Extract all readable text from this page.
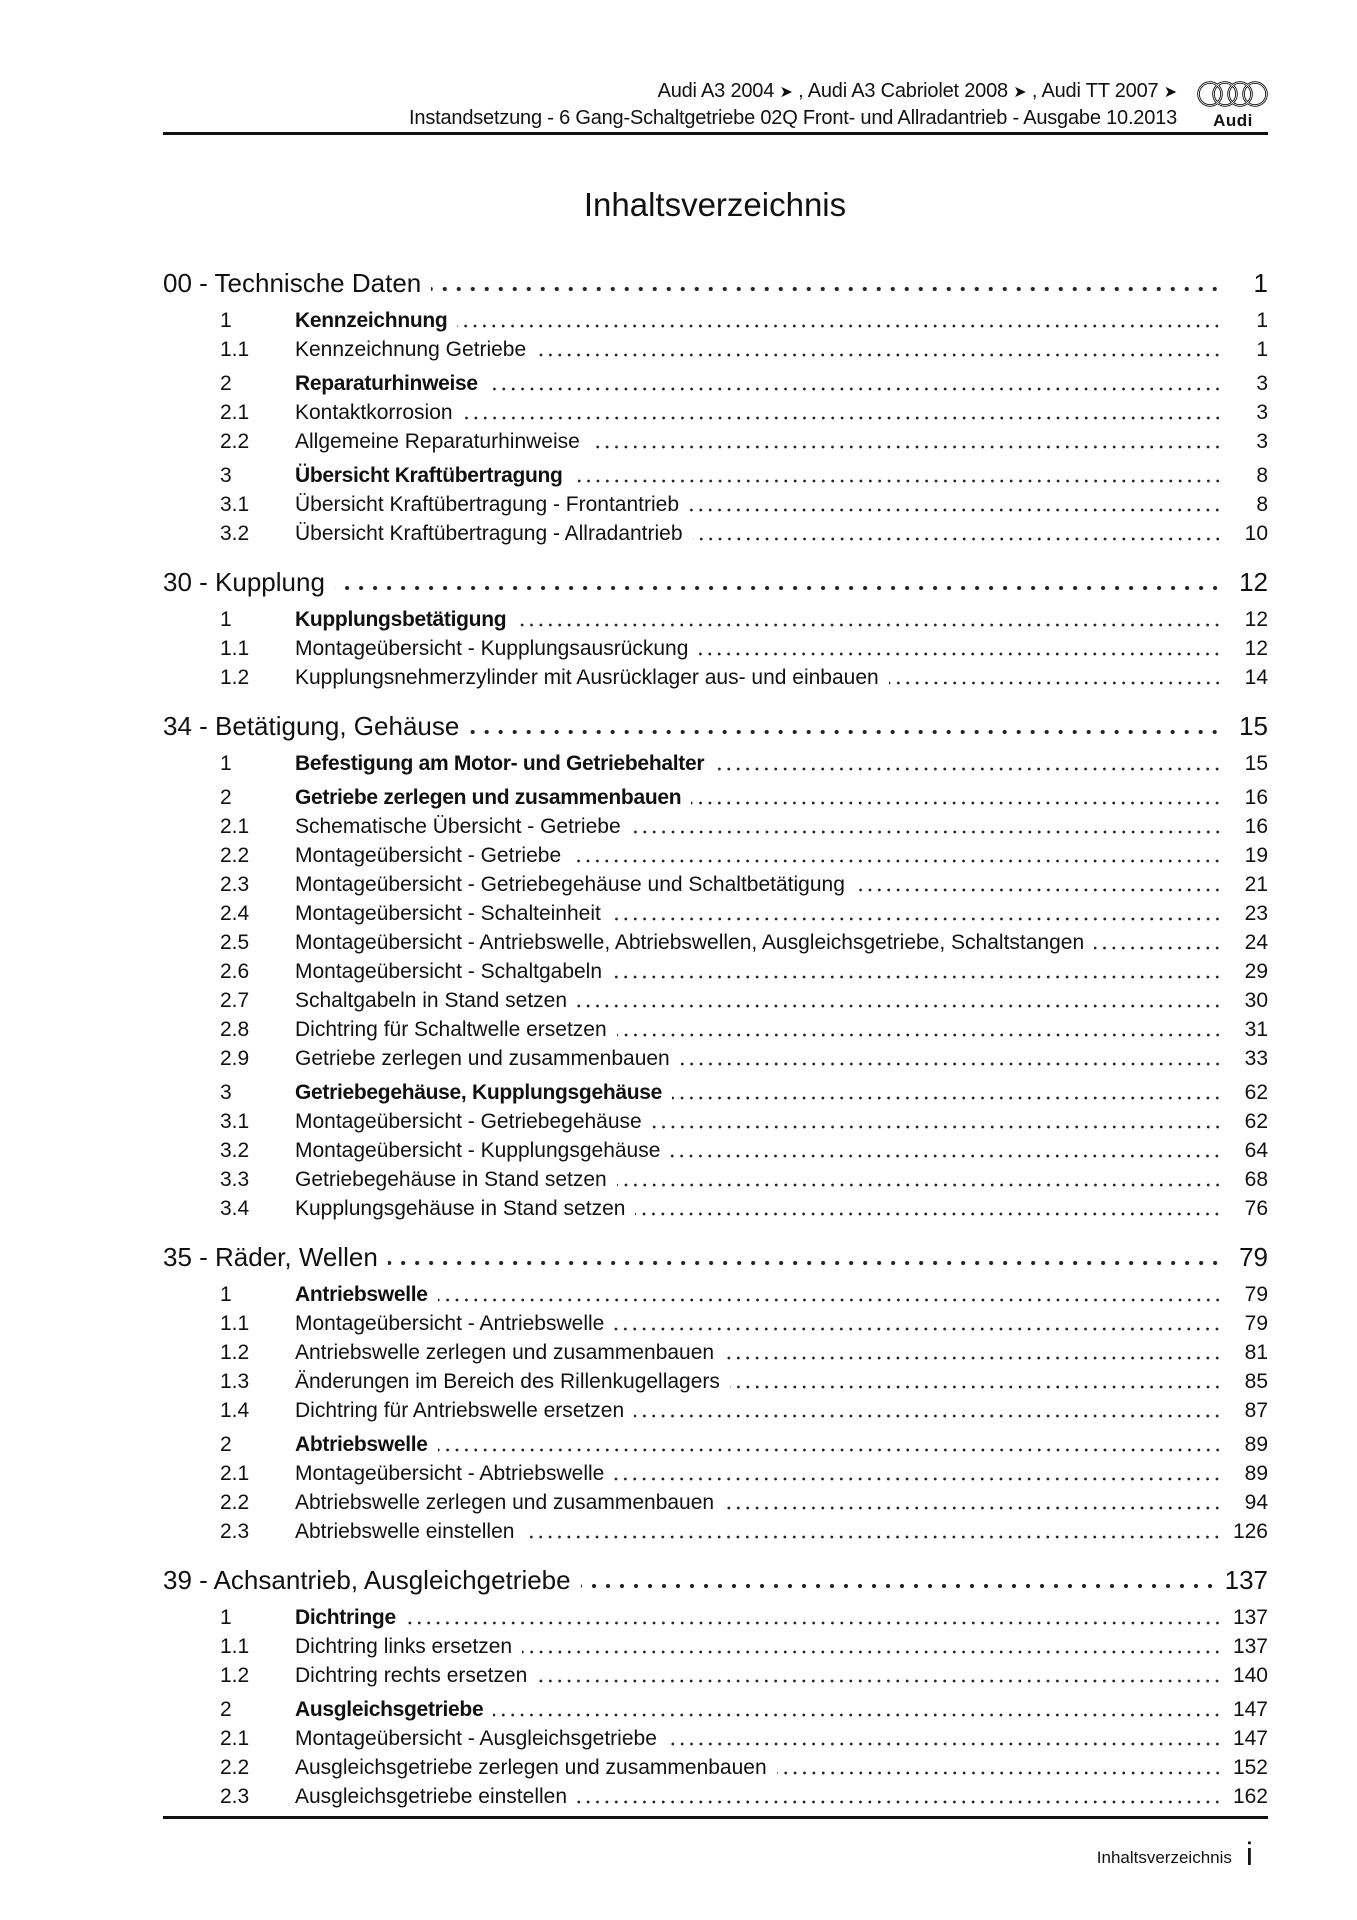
Audi A3 2004 ➤ , Audi A3 Cabriolet 2008 ➤ , Audi TT 2007 ➤
Instandsetzung - 6 Gang-Schaltgetriebe 02Q Front- und Allradantrieb - Ausgabe 10.2013	Audi
Inhaltsverzeichnis
00 - Technische Daten	1
1	Kennzeichnung	1
1.1	Kennzeichnung Getriebe	1
2	Reparaturhinweise	3
2.1	Kontaktkorrosion	3
2.2	Allgemeine Reparaturhinweise	3
3	Übersicht Kraftübertragung	8
3.1	Übersicht Kraftübertragung - Frontantrieb	8
3.2	Übersicht Kraftübertragung - Allradantrieb	10
30 - Kupplung	12
1	Kupplungsbetätigung	12
1.1	Montageübersicht - Kupplungsausrückung	12
1.2	Kupplungsnehmerzylinder mit Ausrücklager aus- und einbauen	14
34 - Betätigung, Gehäuse	15
1	Befestigung am Motor- und Getriebehalter	15
2	Getriebe zerlegen und zusammenbauen	16
2.1	Schematische Übersicht - Getriebe	16
2.2	Montageübersicht - Getriebe	19
2.3	Montageübersicht - Getriebegehäuse und Schaltbetätigung	21
2.4	Montageübersicht - Schalteinheit	23
2.5	Montageübersicht - Antriebswelle, Abtriebswellen, Ausgleichsgetriebe, Schaltstangen	24
2.6	Montageübersicht - Schaltgabeln	29
2.7	Schaltgabeln in Stand setzen	30
2.8	Dichtring für Schaltwelle ersetzen	31
2.9	Getriebe zerlegen und zusammenbauen	33
3	Getriebegehäuse, Kupplungsgehäuse	62
3.1	Montageübersicht - Getriebegehäuse	62
3.2	Montageübersicht - Kupplungsgehäuse	64
3.3	Getriebegehäuse in Stand setzen	68
3.4	Kupplungsgehäuse in Stand setzen	76
35 - Räder, Wellen	79
1	Antriebswelle	79
1.1	Montageübersicht - Antriebswelle	79
1.2	Antriebswelle zerlegen und zusammenbauen	81
1.3	Änderungen im Bereich des Rillenkugellagers	85
1.4	Dichtring für Antriebswelle ersetzen	87
2	Abtriebswelle	89
2.1	Montageübersicht - Abtriebswelle	89
2.2	Abtriebswelle zerlegen und zusammenbauen	94
2.3	Abtriebswelle einstellen	126
39 - Achsantrieb, Ausgleichgetriebe	137
1	Dichtringe	137
1.1	Dichtring links ersetzen	137
1.2	Dichtring rechts ersetzen	140
2	Ausgleichsgetriebe	147
2.1	Montageübersicht - Ausgleichsgetriebe	147
2.2	Ausgleichsgetriebe zerlegen und zusammenbauen	152
2.3	Ausgleichsgetriebe einstellen	162
Inhaltsverzeichnis i
